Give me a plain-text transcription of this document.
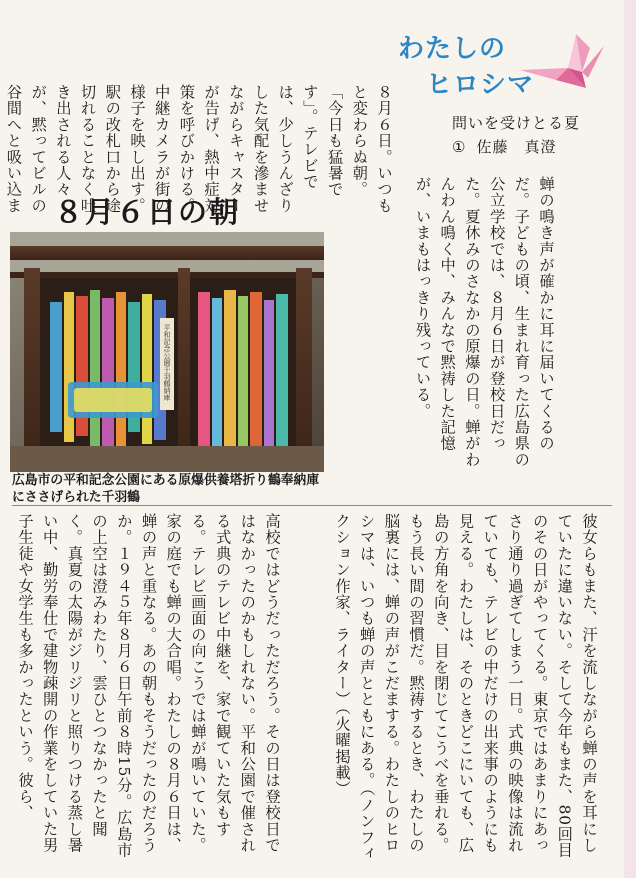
わたしの
ヒロシマ
問いを受けとる夏
① 佐藤　真澄
８月６日の朝
平和記念公園千羽鶴納庫
広島市の平和記念公園にある原爆供養塔折り鶴奉納庫にささげられた千羽鶴
８月６日。いつもと変わらぬ朝。「今日も猛暑です」。テレビでは、少しうんざりした気配を滲ませながらキャスターが告げ、熱中症対策を呼びかける。中継カメラが街の様子を映し出す。駅の改札口から途切れることなく吐き出される人々が、黙ってビルの谷間へと吸い込ま	蝉の鳴き声が確かに耳に届いてくるのだ。子どもの頃、生まれ育った広島県の公立学校では、８月６日が登校日だった。夏休みのさなかの原爆の日。蝉がわんわん鳴く中、みんなで黙祷した記憶が、いまもはっきり残っている。
高校ではどうだっただろう。その日は登校日ではなかったのかもしれない。平和公園で催される式典のテレビ中継を、家で観ていた気もする。テレビ画面の向こうでは蝉が鳴いていた。家の庭でも蝉の大合唱。わたしの８月６日は、蝉の声と重なる。あの朝もそうだったのだろうか。１９４５年８月６日午前８時15分。広島市の上空は澄みわたり、雲ひとつなかったと聞く。真夏の太陽がジリジリと照りつける蒸し暑い中、勤労奉仕で建物疎開の作業をしていた男子生徒や女学生も多かったという。彼ら、	彼女らもまた、汗を流しながら蝉の声を耳にしていたに違いない。そして今年もまた、80回目のその日がやってくる。東京ではあまりにあっさり通り過ぎてしまう一日。式典の映像は流れていても、テレビの中だけの出来事のようにも見える。わたしは、そのときどこにいても、広島の方角を向き、目を閉じてこうべを垂れる。もう長い間の習慣だ。黙祷するとき、わたしの脳裏には、蝉の声がこだまする。わたしのヒロシマは、いつも蝉の声とともにある。（ノンフィクション作家、ライター）（火曜掲載）
